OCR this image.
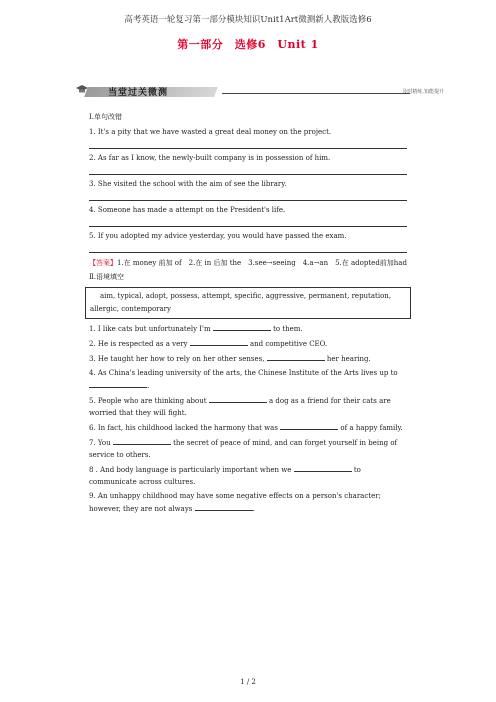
高考英语一轮复习第一部分模块知识Unit1Art微测新人教版选修6
第一部分　选修6　Unit 1
当堂过关微测	及时精练,知能提升
Ⅰ.单句改错
1. It's a pity that we have wasted a great deal money on the project.
2. As far as I know, the newly-built company is in possession of him.
3. She visited the school with the aim of see the library.
4. Someone has made a attempt on the President's life.
5. If you adopted my advice yesterday, you would have passed the exam.
【答案】1.在 money 前加 of　2.在 in 后加 the　3.see→seeing　4.a→an　5.在 adopted前加had
Ⅱ.语境填空
aim, typical, adopt, possess, attempt, specific, aggressive, permanent, reputation, allergic, contemporary
1. I like cats but unfortunately I'm	to them.
2. He is respected as a very	and competitive CEO.
3. He taught her how to rely on her other senses,	her hearing.
4. As China's leading university of the arts, the Chinese Institute of the Arts lives up to .
5. People who are thinking about	a dog as a friend for their cats are worried that they will fight.
6. In fact, his childhood lacked the harmony that was	of a happy family.
7. You	the secret of peace of mind, and can forget yourself in being of service to others.
8 . And body language is particularly important when we	to communicate across cultures.
9. An unhappy childhood may have some negative effects on a person's character; however, they are not always	.
1 / 2
